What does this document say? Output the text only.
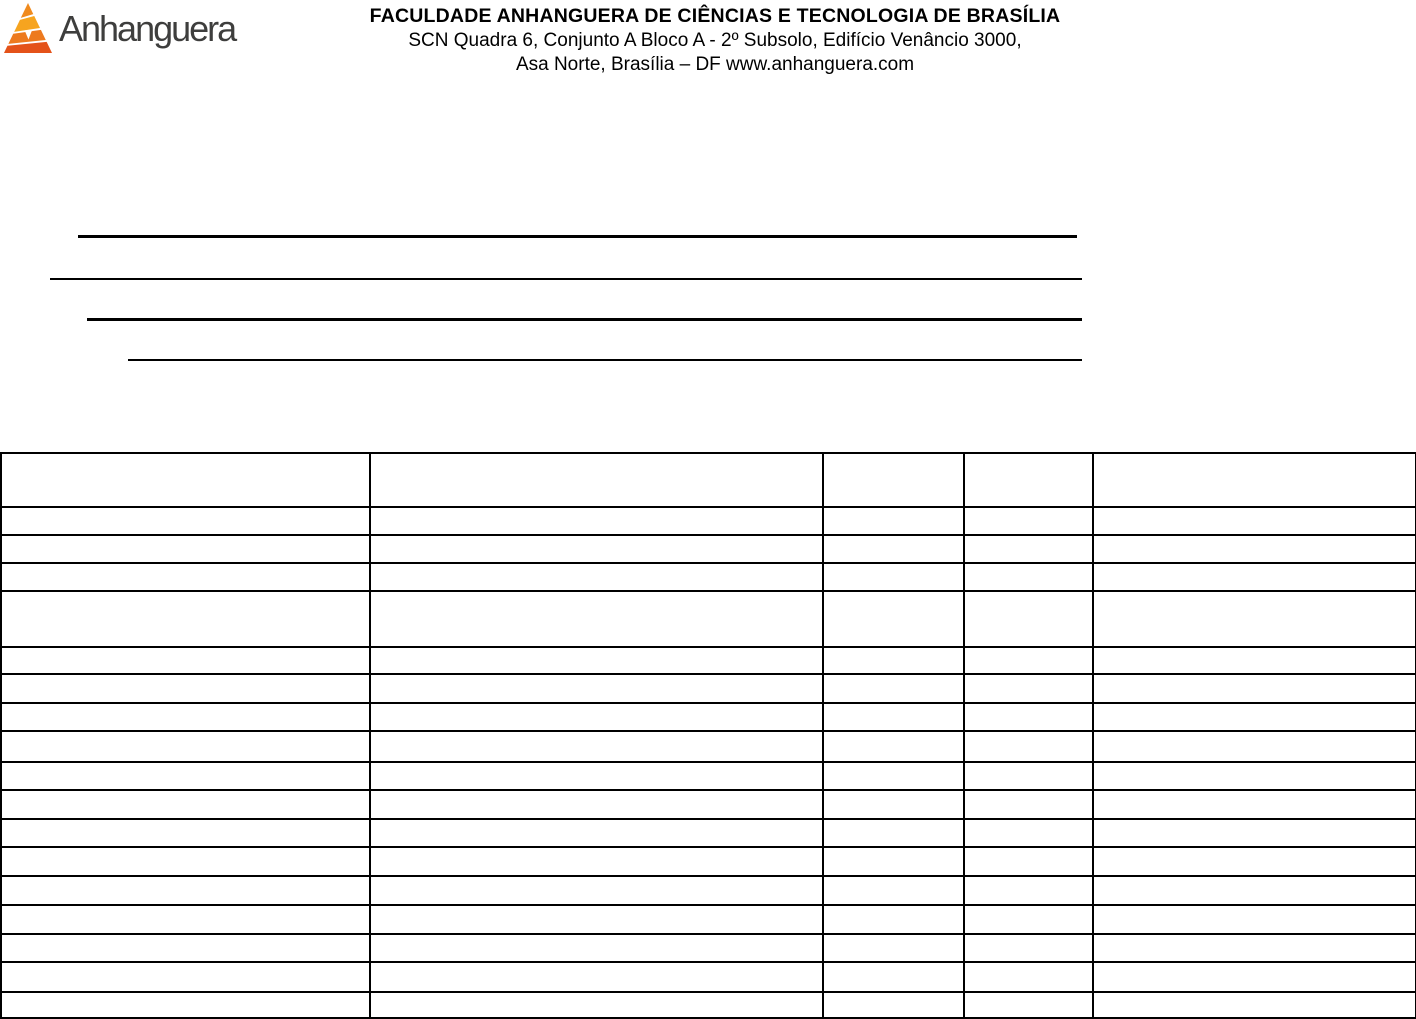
Anhanguera	FACULDADE ANHANGUERA DE CIÊNCIAS E TECNOLOGIA DE BRASÍLIA
SCN Quadra 6, Conjunto A Bloco A - 2º Subsolo, Edifício Venâncio 3000,
Asa Norte, Brasília – DF www.anhanguera.com
